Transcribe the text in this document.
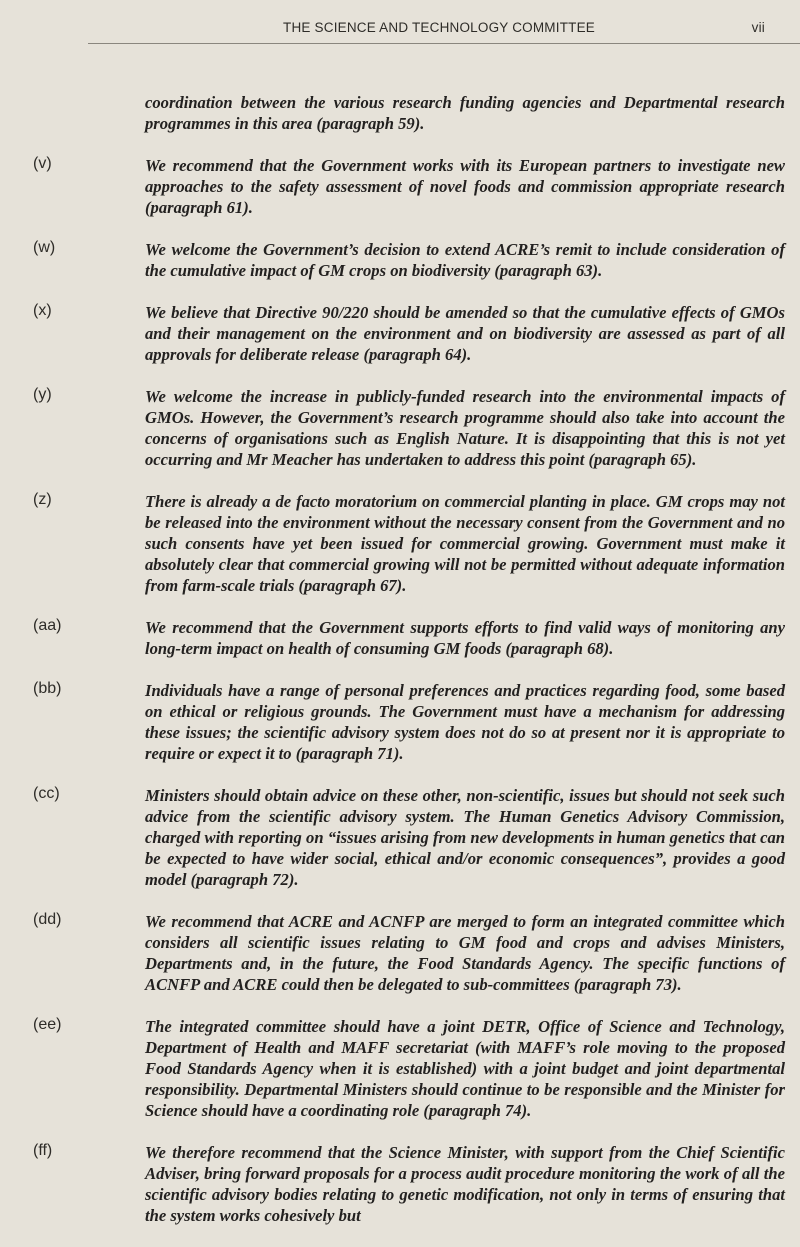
THE SCIENCE AND TECHNOLOGY COMMITTEE	vii
coordination between the various research funding agencies and Departmental research programmes in this area (paragraph 59).
(v)	We recommend that the Government works with its European partners to investigate new approaches to the safety assessment of novel foods and commission appropriate research (paragraph 61).
(w)	We welcome the Government’s decision to extend ACRE’s remit to include consideration of the cumulative impact of GM crops on biodiversity (paragraph 63).
(x)	We believe that Directive 90/220 should be amended so that the cumulative effects of GMOs and their management on the environment and on biodiversity are assessed as part of all approvals for deliberate release (paragraph 64).
(y)	We welcome the increase in publicly-funded research into the environmental impacts of GMOs. However, the Government’s research programme should also take into account the concerns of organisations such as English Nature. It is disappointing that this is not yet occurring and Mr Meacher has undertaken to address this point (paragraph 65).
(z)	There is already a de facto moratorium on commercial planting in place. GM crops may not be released into the environment without the necessary consent from the Government and no such consents have yet been issued for commercial growing. Government must make it absolutely clear that commercial growing will not be permitted without adequate information from farm-scale trials (paragraph 67).
(aa)	We recommend that the Government supports efforts to find valid ways of monitoring any long-term impact on health of consuming GM foods (paragraph 68).
(bb)	Individuals have a range of personal preferences and practices regarding food, some based on ethical or religious grounds. The Government must have a mechanism for addressing these issues; the scientific advisory system does not do so at present nor it is appropriate to require or expect it to (paragraph 71).
(cc)	Ministers should obtain advice on these other, non-scientific, issues but should not seek such advice from the scientific advisory system. The Human Genetics Advisory Commission, charged with reporting on “issues arising from new developments in human genetics that can be expected to have wider social, ethical and/or economic consequences”, provides a good model (paragraph 72).
(dd)	We recommend that ACRE and ACNFP are merged to form an integrated committee which considers all scientific issues relating to GM food and crops and advises Ministers, Departments and, in the future, the Food Standards Agency. The specific functions of ACNFP and ACRE could then be delegated to sub-committees (paragraph 73).
(ee)	The integrated committee should have a joint DETR, Office of Science and Technology, Department of Health and MAFF secretariat (with MAFF’s role moving to the proposed Food Standards Agency when it is established) with a joint budget and joint departmental responsibility. Departmental Ministers should continue to be responsible and the Minister for Science should have a coordinating role (paragraph 74).
(ff)	We therefore recommend that the Science Minister, with support from the Chief Scientific Adviser, bring forward proposals for a process audit procedure monitoring the work of all the scientific advisory bodies relating to genetic modification, not only in terms of ensuring that the system works cohesively but
